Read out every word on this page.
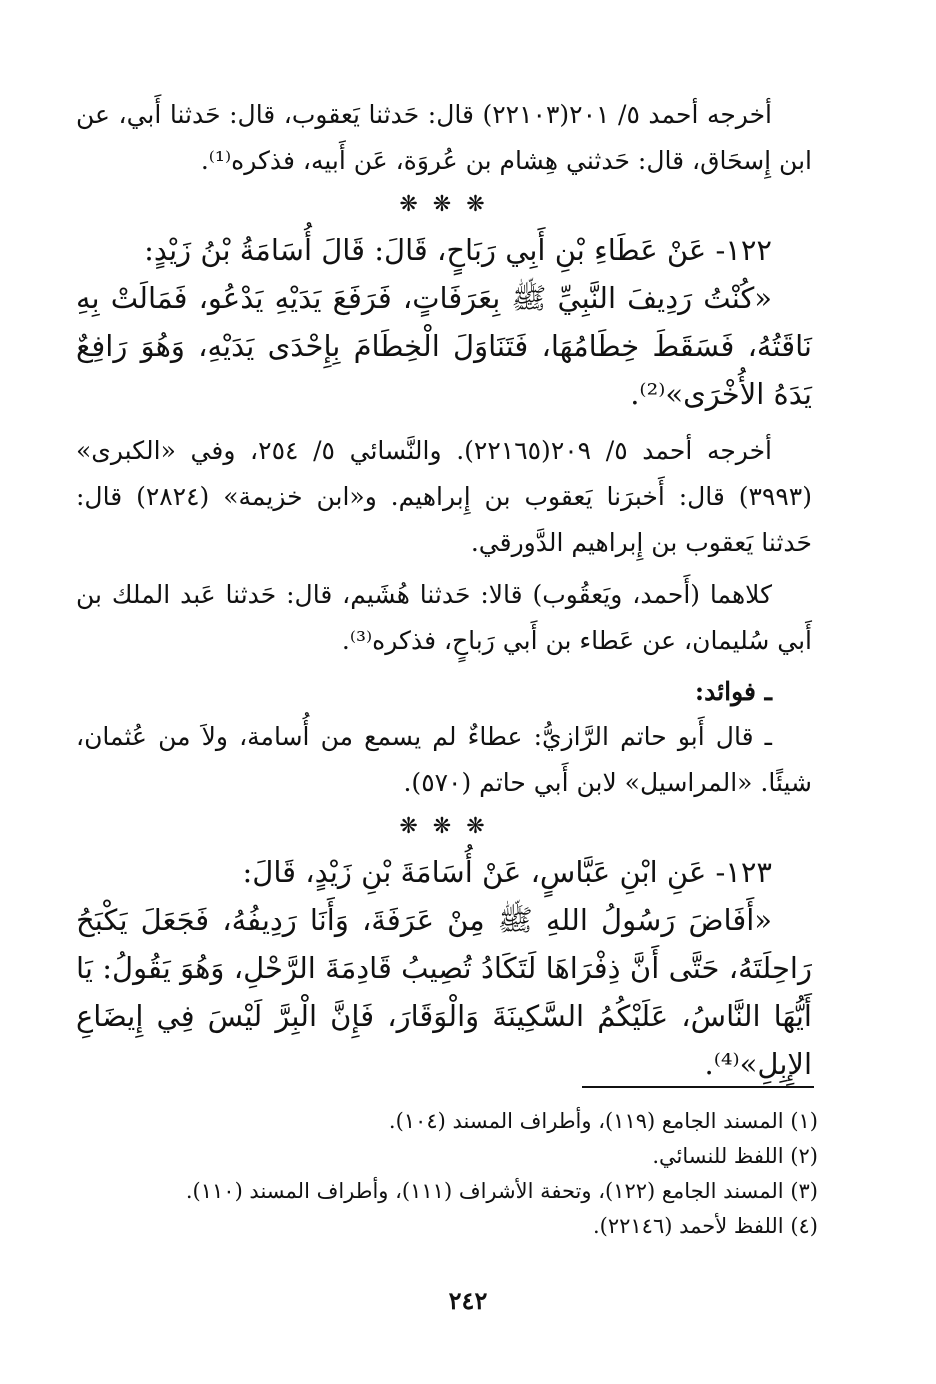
أخرجه أحمد ٥/ ٢٠١(٢٢١٠٣) قال: حَدثنا يَعقوب، قال: حَدثنا أَبي، عن ابن إِسحَاق، قال: حَدثني هِشام بن عُروَة، عَن أَبيه، فذكره⁽¹⁾.

❋ ❋ ❋

١٢٢- عَنْ عَطَاءِ بْنِ أَبِي رَبَاحٍ، قَالَ: قَالَ أُسَامَةُ بْنُ زَيْدٍ:

«كُنْتُ رَدِيفَ النَّبِيِّ ﷺ بِعَرَفَاتٍ، فَرَفَعَ يَدَيْهِ يَدْعُو، فَمَالَتْ بِهِ نَاقَتُهُ، فَسَقَطَ خِطَامُهَا، فَتَنَاوَلَ الْخِطَامَ بِإِحْدَى يَدَيْهِ، وَهُوَ رَافِعٌ يَدَهُ الأُخْرَى»⁽²⁾.

أخرجه أحمد ٥/ ٢٠٩(٢٢١٦٥). والنَّسائي ٥/ ٢٥٤، وفي «الكبرى» (٣٩٩٣) قال: أَخبرَنا يَعقوب بن إِبراهيم. و«ابن خزيمة» (٢٨٢٤) قال: حَدثنا يَعقوب بن إِبراهيم الدَّورقي.

كلاهما (أَحمد، ويَعقُوب) قالا: حَدثنا هُشَيم، قال: حَدثنا عَبد الملك بن أَبي سُليمان، عن عَطاء بن أَبي رَباحٍ، فذكره⁽³⁾.

ـ فوائد:

ـ قال أَبو حاتم الرَّازيُّ: عطاءٌ لم يسمع من أُسامة، ولاَ من عُثمان، شيئًا. «المراسيل» لابن أَبي حاتم (٥٧٠).

❋ ❋ ❋

١٢٣- عَنِ ابْنِ عَبَّاسٍ، عَنْ أُسَامَةَ بْنِ زَيْدٍ، قَالَ:

«أَفَاضَ رَسُولُ اللهِ ﷺ مِنْ عَرَفَةَ، وَأَنَا رَدِيفُهُ، فَجَعَلَ يَكْبَحُ رَاحِلَتَهُ، حَتَّى أَنَّ ذِفْرَاهَا لَتَكَادُ تُصِيبُ قَادِمَةَ الرَّحْلِ، وَهُوَ يَقُولُ: يَا أَيُّهَا النَّاسُ، عَلَيْكُمُ السَّكِينَةَ وَالْوَقَارَ، فَإِنَّ الْبِرَّ لَيْسَ فِي إِيضَاعِ الإِبِلِ»⁽⁴⁾.

(١) المسند الجامع (١١٩)، وأطراف المسند (١٠٤).

(٢) اللفظ للنسائي.

(٣) المسند الجامع (١٢٢)، وتحفة الأشراف (١١١)، وأطراف المسند (١١٠).

(٤) اللفظ لأحمد (٢٢١٤٦).

٢٤٢
